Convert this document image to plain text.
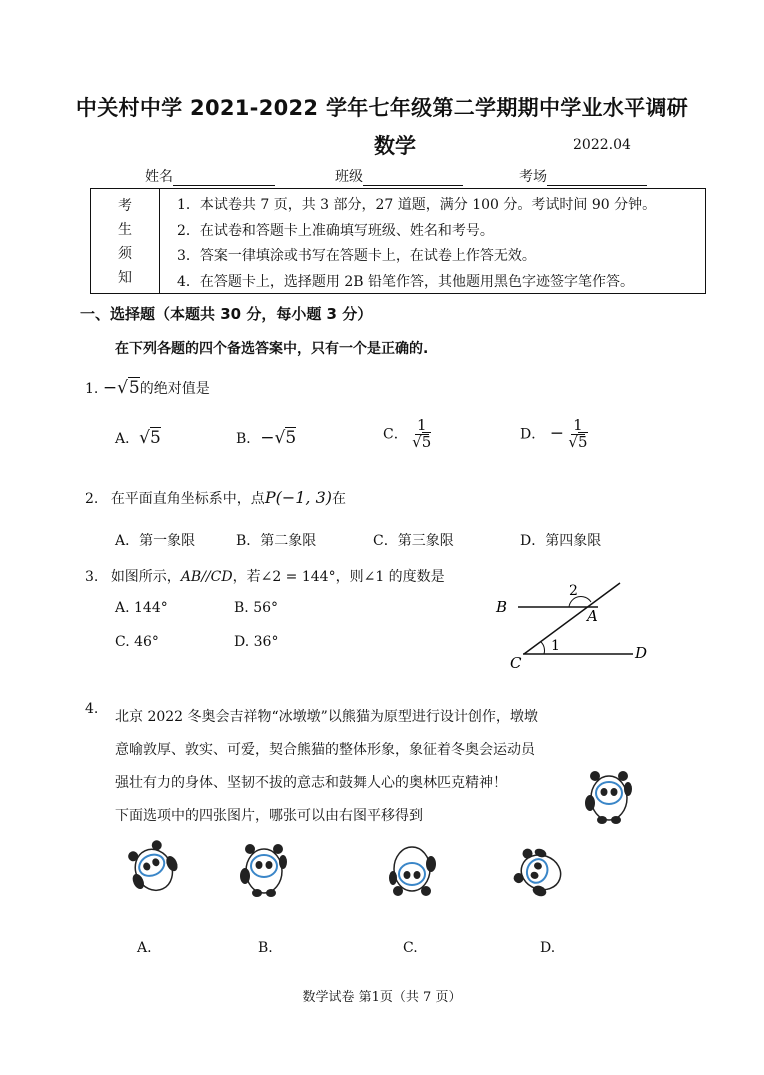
中关村中学 2021-2022 学年七年级第二学期期中学业水平调研
数学	2022.04
姓名	班级	考场
考
生
须
知
1．本试卷共 7 页，共 3 部分，27 道题，满分 100 分。考试时间 90 分钟。
2．在试卷和答题卡上准确填写班级、姓名和考号。
3．答案一律填涂或书写在答题卡上，在试卷上作答无效。
4．在答题卡上，选择题用 2B 铅笔作答，其他题用黑色字迹签字笔作答。
一、选择题（本题共 30 分，每小题 3 分）
在下列各题的四个备选答案中，只有一个是正确的.
1. −√5的绝对值是
A．√5	B．−√5	C． $\frac{1}{√5}$	D． − $\frac{1}{√5}$
2. 在平面直角坐标系中，点P(−1, 3)在
A．第一象限	B．第二象限	C．第三象限	D．第四象限
3. 如图所示，AB//CD，若∠2 = 144°，则∠1 的度数是
A. 144°	B. 56°
C. 46°	D. 36°
B	A
C
D
1
2
4. 北京 2022 冬奥会吉祥物“冰墩墩”以熊猫为原型进行设计创作，墩墩
意喻敦厚、敦实、可爱，契合熊猫的整体形象，象征着冬奥会运动员
强壮有力的身体、坚韧不拔的意志和鼓舞人心的奥林匹克精神！
下面选项中的四张图片，哪张可以由右图平移得到
A.	B.	C.	D.
数学试卷 第1页（共 7 页）
